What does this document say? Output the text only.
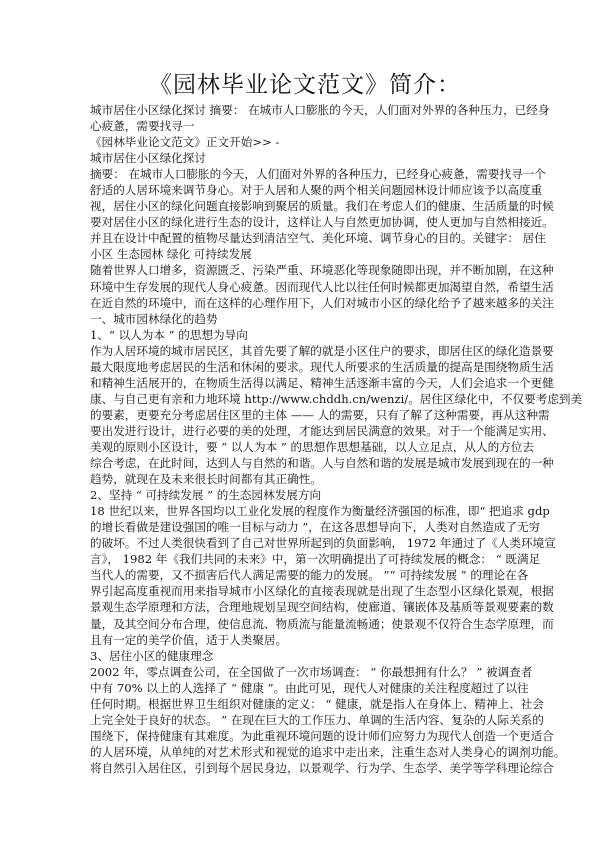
《园林毕业论文范文》简介：

城市居住小区绿化探讨 摘要： 在城市人口膨胀的今天，人们面对外界的各种压力，已经身

心疲惫，需要找寻一

《园林毕业论文范文》正文开始>> -

城市居住小区绿化探讨

摘要： 在城市人口膨胀的今天，人们面对外界的各种压力，已经身心疲惫，需要找寻一个

舒适的人居环境来调节身心。对于人居和人聚的两个相关问题园林设计师应该予以高度重

视，居住小区的绿化问题直接影响到聚居的质量。我们在考虑人们的健康、生活质量的时候

要对居住小区的绿化进行生态的设计，这样让人与自然更加协调，使人更加与自然相接近。

并且在设计中配置的植物尽量达到清洁空气、美化环境、调节身心的目的。关键字： 居住

小区 生态园林 绿化 可持续发展

随着世界人口增多，资源匮乏、污染严重、环境恶化等现象随即出现，并不断加剧，在这种

环境中生存发展的现代人身心疲惫。因而现代人比以往任何时候都更加渴望自然，希望生活

在近自然的环境中，而在这样的心理作用下，人们对城市小区的绿化给予了越来越多的关注

一、城市园林绿化的趋势

1、“ 以人为本 ” 的思想为导向

作为人居环境的城市居民区，其首先要了解的就是小区住户的要求，即居住区的绿化造景要

最大限度地考虑居民的生活和休闲的要求。现代人所要求的生活质量的提高是围绕物质生活

和精神生活展开的，在物质生活得以满足、精神生活逐渐丰富的今天，人们会追求一个更健

康、与自己更有亲和力地环境 http://www.chddh.cn/wenzi/。居住区绿化中，不仅要考虑到美

的要素，更要充分考虑居住区里的主体 —— 人的需要，只有了解了这种需要，再从这种需

要出发进行设计，进行必要的美的处理，才能达到居民满意的效果。对于一个能满足实用、

美观的原则小区设计，要 “ 以人为本 ” 的思想作思想基础，以人立足点，从人的方位去

综合考虑，在此时间，达到人与自然的和谐。人与自然和谐的发展是城市发展到现在的一种

趋势，就现在及未来很长时间都有其正确性。

2、坚持 “ 可持续发展 ” 的生态园林发展方向

18 世纪以来，世界各国均以工业化发展的程度作为衡量经济强国的标准，即“ 把追求 gdp

的增长看做是建设强国的唯一目标与动力 ”，在这各思想导向下，人类对自然造成了无穷

的破坏。不过人类很快看到了自己对世界所起到的负面影响， 1972 年通过了《人类环境宣

言》， 1982 年《我们共同的未来》中，第一次明确提出了可持续发展的概念： “ 既满足

当代人的需要，又不损害后代人满足需要的能力的发展。 ”“ 可持续发展 ” 的理论在各

界引起高度重视而用来指导城市小区绿化的直接表现就是出现了生态型小区绿化景观，根据

景观生态学原理和方法，合理地规划呈现空间结构，使廊道、镶嵌体及基质等景观要素的数

量，及其空间分布合理，使信息流、物质流与能量流畅通；使景观不仅符合生态学原理，而

且有一定的美学价值，适于人类聚居。

3、居住小区的健康理念

2002 年，零点调查公司，在全国做了一次市场调查： “ 你最想拥有什么？ ” 被调查者

中有 70% 以上的人选择了 “ 健康 ”。由此可见，现代人对健康的关注程度超过了以往

任何时期。根据世界卫生组织对健康的定义： “ 健康，就是指人在身体上、精神上、社会

上完全处于良好的状态。 ” 在现在巨大的工作压力、单调的生活内容、复杂的人际关系的

围绕下，保持健康有其难度。为此重视环境问题的设计师们应努力为现代人创造一个更适合

的人居环境，从单纯的对艺术形式和视觉的追求中走出来，注重生态对人类身心的调剂功能。

将自然引入居住区，引到每个居民身边，以景观学、行为学、生态学、美学等学科理论综合
